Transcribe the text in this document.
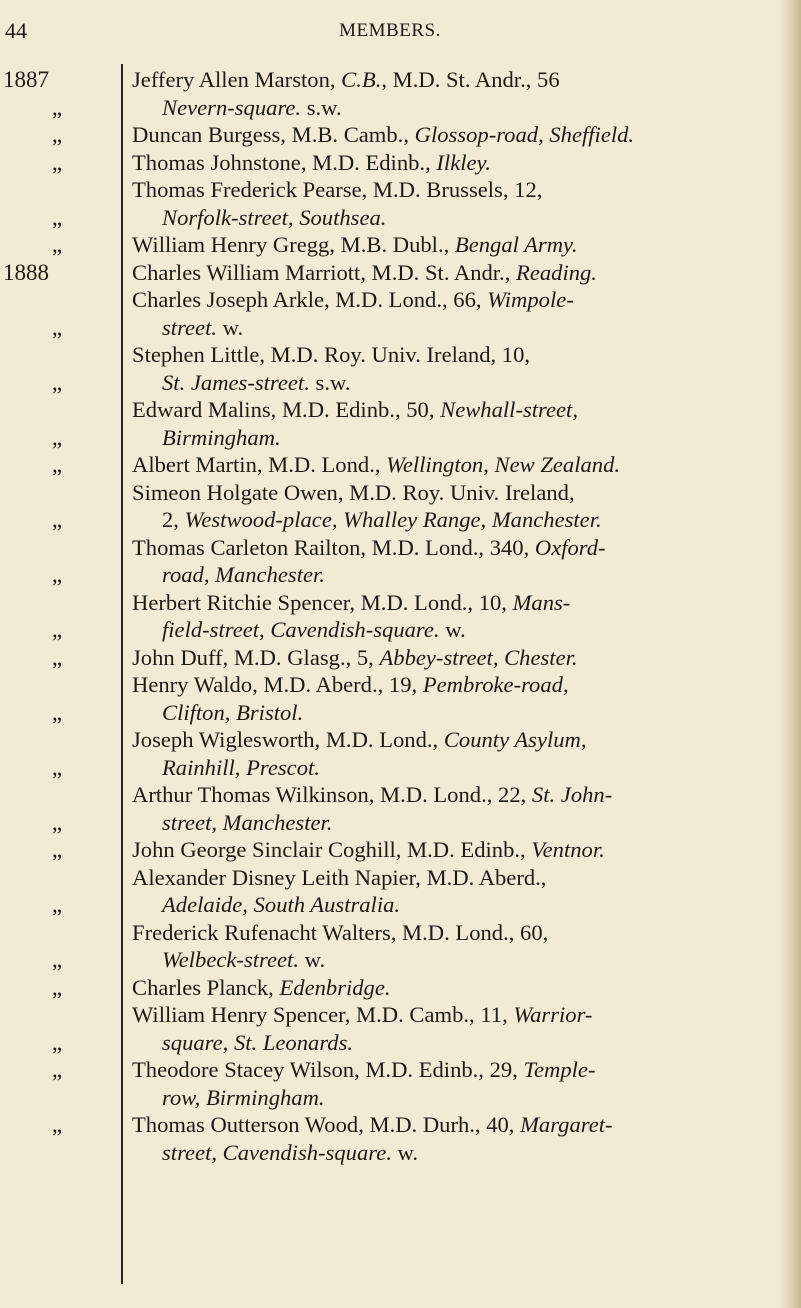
44	MEMBERS.
1887
„
„
„
„
„
1888
„
„
„
„
„
„
„
„
„
„
„
„
„
„
„
„
„
„
Jeffery Allen Marston, C.B., M.D. St. Andr., 56
Nevern-square. s.w.
Duncan Burgess, M.B. Camb., Glossop-road, Sheffield.
Thomas Johnstone, M.D. Edinb., Ilkley.
Thomas Frederick Pearse, M.D. Brussels, 12,
Norfolk-street, Southsea.
William Henry Gregg, M.B. Dubl., Bengal Army.
Charles William Marriott, M.D. St. Andr., Reading.
Charles Joseph Arkle, M.D. Lond., 66, Wimpole-
street. w.
Stephen Little, M.D. Roy. Univ. Ireland, 10,
St. James-street. s.w.
Edward Malins, M.D. Edinb., 50, Newhall-street,
Birmingham.
Albert Martin, M.D. Lond., Wellington, New Zealand.
Simeon Holgate Owen, M.D. Roy. Univ. Ireland,
2, Westwood-place, Whalley Range, Manchester.
Thomas Carleton Railton, M.D. Lond., 340, Oxford-
road, Manchester.
Herbert Ritchie Spencer, M.D. Lond., 10, Mans-
field-street, Cavendish-square. w.
John Duff, M.D. Glasg., 5, Abbey-street, Chester.
Henry Waldo, M.D. Aberd., 19, Pembroke-road,
Clifton, Bristol.
Joseph Wiglesworth, M.D. Lond., County Asylum,
Rainhill, Prescot.
Arthur Thomas Wilkinson, M.D. Lond., 22, St. John-
street, Manchester.
John George Sinclair Coghill, M.D. Edinb., Ventnor.
Alexander Disney Leith Napier, M.D. Aberd.,
Adelaide, South Australia.
Frederick Rufenacht Walters, M.D. Lond., 60,
Welbeck-street. w.
Charles Planck, Edenbridge.
William Henry Spencer, M.D. Camb., 11, Warrior-
square, St. Leonards.
Theodore Stacey Wilson, M.D. Edinb., 29, Temple-
row, Birmingham.
Thomas Outterson Wood, M.D. Durh., 40, Margaret-
street, Cavendish-square. w.
